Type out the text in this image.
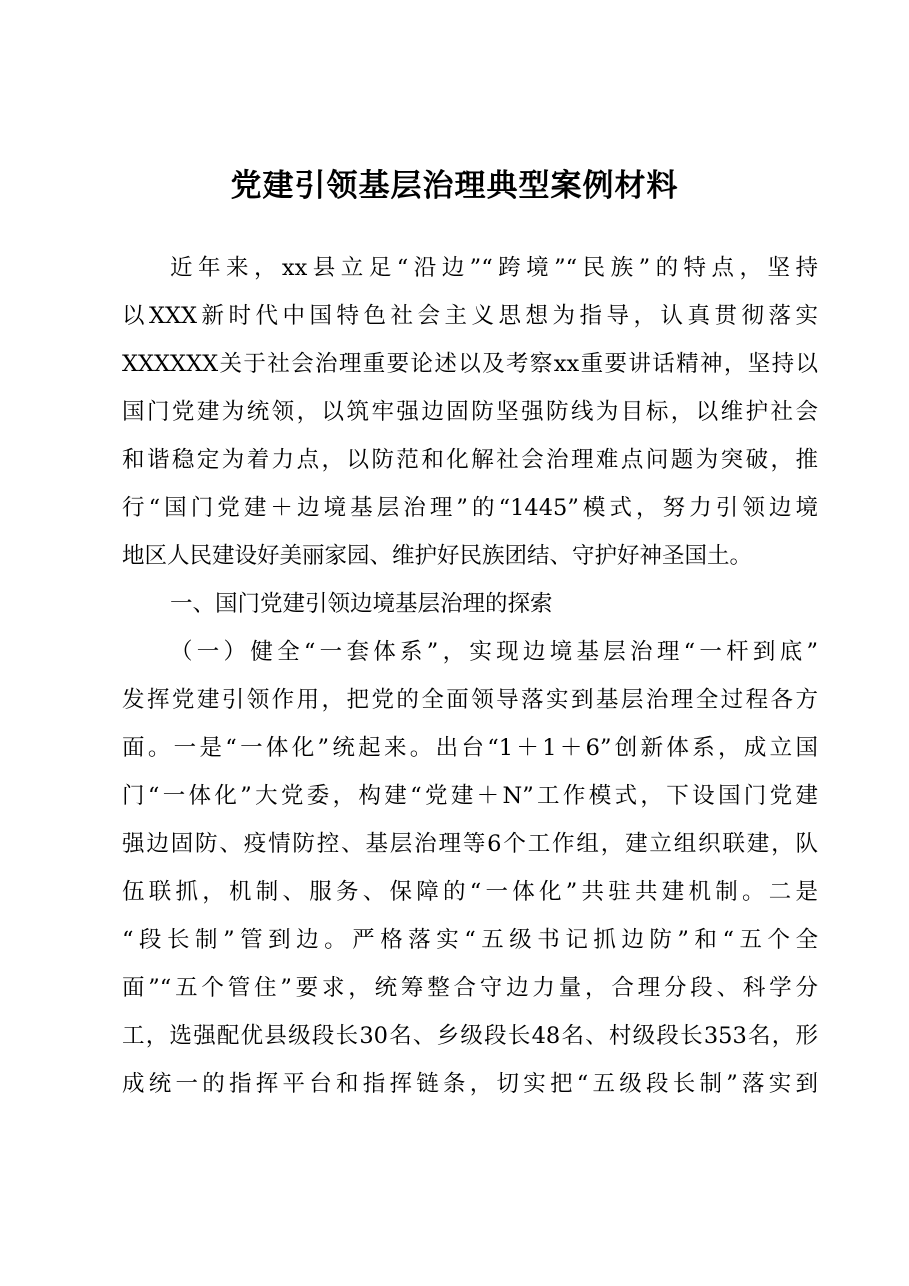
党建引领基层治理典型案例材料

近年来，xx县立足“沿边”“跨境”“民族”的特点，坚持

以XXX新时代中国特色社会主义思想为指导，认真贯彻落实

XXXXXX关于社会治理重要论述以及考察xx重要讲话精神，坚持以

国门党建为统领，以筑牢强边固防坚强防线为目标，以维护社会

和谐稳定为着力点，以防范和化解社会治理难点问题为突破，推

行“国门党建＋边境基层治理”的“1445”模式，努力引领边境

地区人民建设好美丽家园、维护好民族团结、守护好神圣国土。

一、国门党建引领边境基层治理的探索

（一）健全“一套体系”，实现边境基层治理“一杆到底”

发挥党建引领作用，把党的全面领导落实到基层治理全过程各方

面。一是“一体化”统起来。出台“1＋1＋6”创新体系，成立国

门“一体化”大党委，构建“党建＋N”工作模式，下设国门党建

强边固防、疫情防控、基层治理等6个工作组，建立组织联建，队

伍联抓，机制、服务、保障的“一体化”共驻共建机制。二是

“段长制”管到边。严格落实“五级书记抓边防”和“五个全

面”“五个管住”要求，统筹整合守边力量，合理分段、科学分

工，选强配优县级段长30名、乡级段长48名、村级段长353名，形

成统一的指挥平台和指挥链条，切实把“五级段长制”落实到
